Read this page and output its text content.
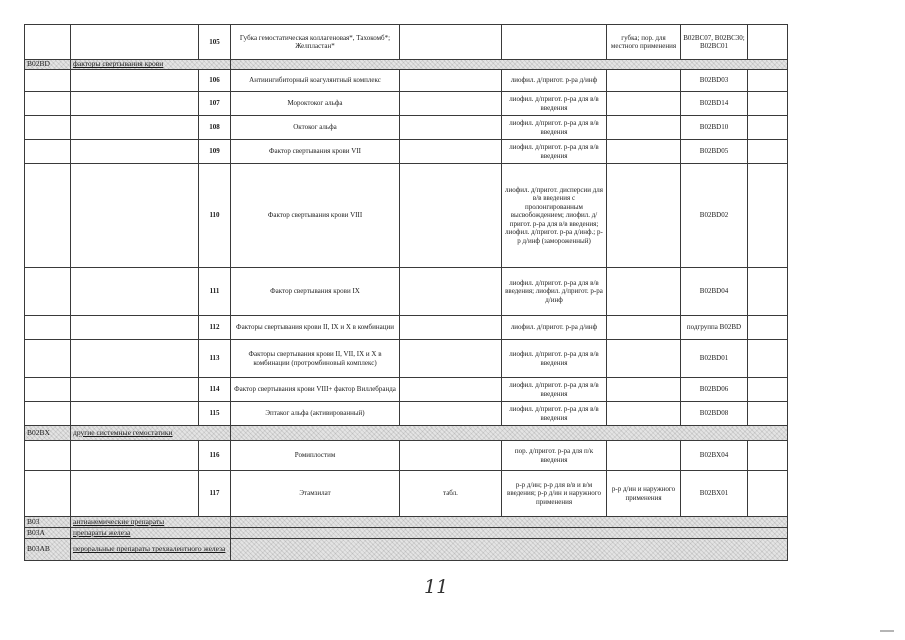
		105	Губка гемостатическая коллагеновая*, Тахокомб*; Желпластан*			губка; пор. для местного применения	B02BC07, B02BC30; B02BC01	
B02BD	факторы свертывания крови							
		106	Антиингибиторный коагулянтный комплекс		лиофил. д/пригот. р-ра д/инф		B02BD03	
		107	Мороктоког альфа		лиофил. д/пригот. р-ра для в/в введения		B02BD14	
		108	Октоког альфа		лиофил. д/пригот. р-ра для в/в введения		B02BD10	
		109	Фактор свертывания крови VII		лиофил. д/пригот. р-ра для в/в введения		B02BD05	
		110	Фактор свертывания крови VIII		лиофил. д/пригот. дисперсии для в/в введения с пролонгированным высвобождением; лиофил. д/пригот. р-ра для в/в введения; лиофил. д/пригот. р-ра д/инф.; р-р д/инф (замороженный)		B02BD02	
		111	Фактор свертывания крови IX		лиофил. д/пригот. р-ра для в/в введения; лиофил. д/пригот. р-ра д/инф		B02BD04	
		112	Факторы свертывания крови II, IX и X в комбинации		лиофил. д/пригот. р-ра д/инф		подгруппа B02BD	
		113	Факторы свертывания крови II, VII, IX и X в комбинации (протромбиновый комплекс)		лиофил. д/пригот. р-ра для в/в введения		B02BD01	
		114	Фактор свертывания крови VIII+ фактор Виллебранда		лиофил. д/пригот. р-ра для в/в введения		B02BD06	
		115	Эптаког альфа (активированный)		лиофил. д/пригот. р-ра для в/в введения		B02BD08	
B02BX	другие системные гемостатики							
		116	Ромиплостим		пор. д/пригот. р-ра для п/к введения		B02BX04	
		117	Этамзилат	табл.	р-р д/ин; р-р для в/в и в/м введения; р-р д/ин и наружного применения	р-р д/ин и наружного применения	B02BX01	
B03	антианемические препараты							
B03A	препараты железа							
B03AB	пероральные препараты трехвалентного железа							
11
